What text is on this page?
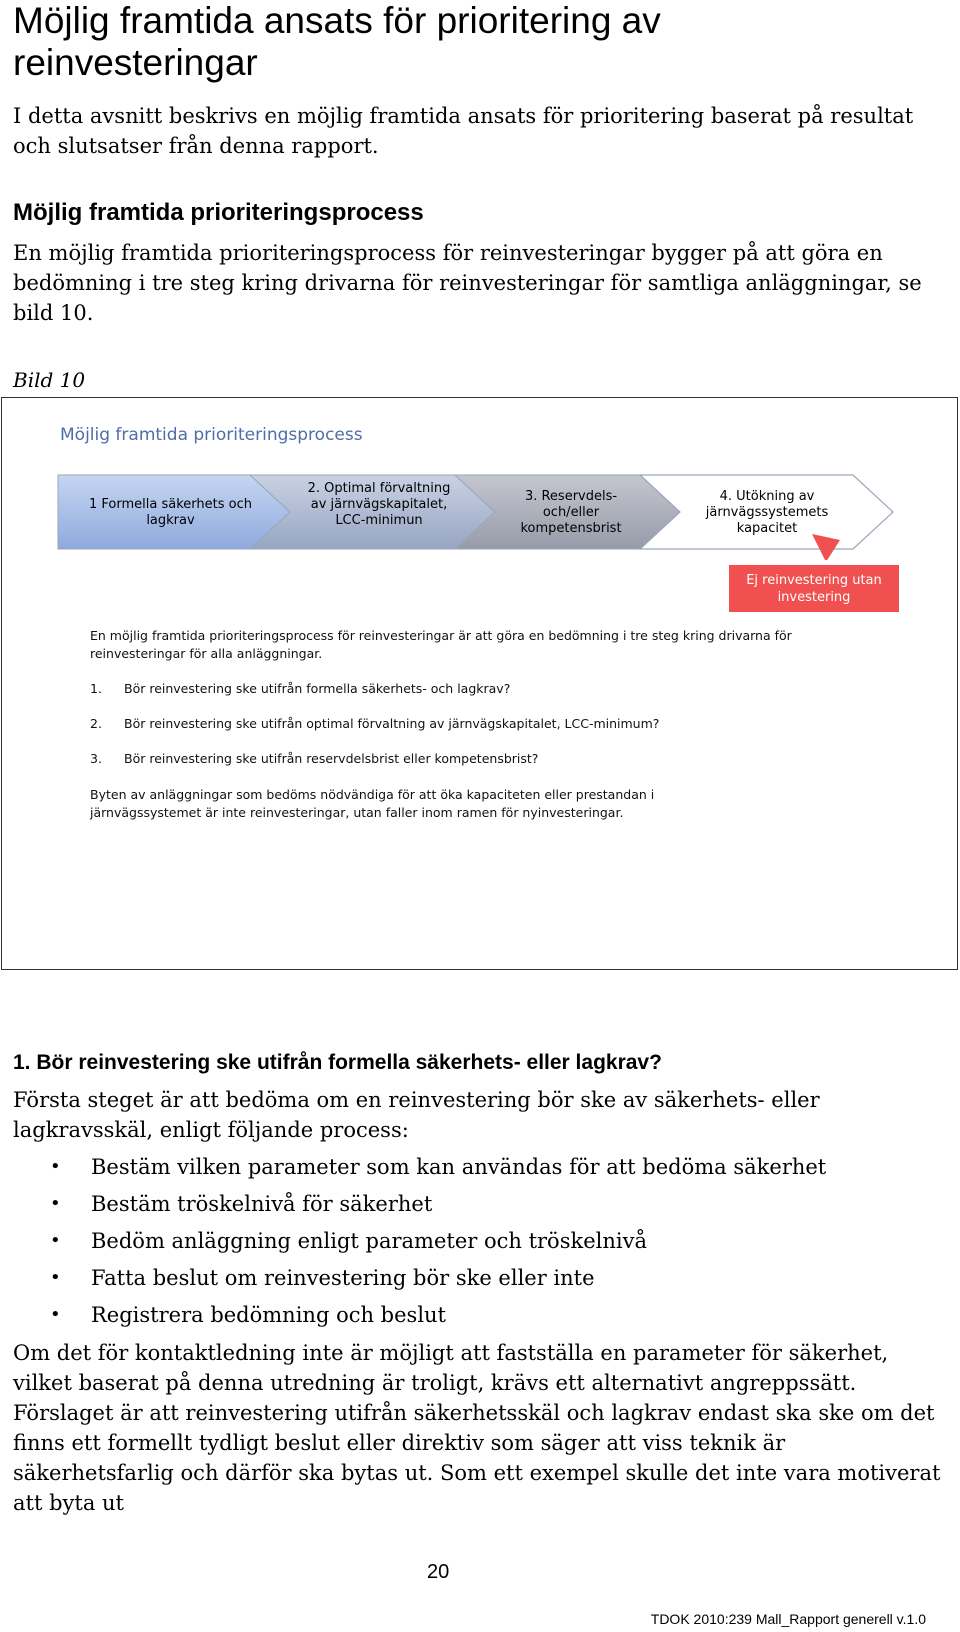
Möjlig framtida ansats för prioritering av reinvesteringar
I detta avsnitt beskrivs en möjlig framtida ansats för prioritering baserat på resultat och slutsatser från denna rapport.
Möjlig framtida prioriteringsprocess
En möjlig framtida prioriteringsprocess för reinvesteringar bygger på att göra en bedömning i tre steg kring drivarna för reinvesteringar för samtliga anläggningar, se bild 10.
Bild 10
Möjlig framtida prioriteringsprocess
1 Formella säkerhets och lagkrav
2. Optimal förvaltning av järnvägskapitalet, LCC-minimun
3. Reservdels-och/eller kompetensbrist
4. Utökning av järnvägssystemets kapacitet
Ej reinvestering utan investering
En möjlig framtida prioriteringsprocess för reinvesteringar är att göra en bedömning i tre steg kring drivarna för reinvesteringar för alla anläggningar.
1. Bör reinvestering ske utifrån formella säkerhets- och lagkrav?
2. Bör reinvestering ske utifrån optimal förvaltning av järnvägskapitalet, LCC-minimum?
3. Bör reinvestering ske utifrån reservdelsbrist eller kompetensbrist?
Byten av anläggningar som bedöms nödvändiga för att öka kapaciteten eller prestandan i järnvägssystemet är inte reinvesteringar, utan faller inom ramen för nyinvesteringar.
1. Bör reinvestering ske utifrån formella säkerhets- eller lagkrav?
Första steget är att bedöma om en reinvestering bör ske av säkerhets- eller lagkravsskäl, enligt följande process:
• Bestäm vilken parameter som kan användas för att bedöma säkerhet
• Bestäm tröskelnivå för säkerhet
• Bedöm anläggning enligt parameter och tröskelnivå
• Fatta beslut om reinvestering bör ske eller inte
• Registrera bedömning och beslut
Om det för kontaktledning inte är möjligt att fastställa en parameter för säkerhet, vilket baserat på denna utredning är troligt, krävs ett alternativt angreppssätt. Förslaget är att reinvestering utifrån säkerhetsskäl och lagkrav endast ska ske om det finns ett formellt tydligt beslut eller direktiv som säger att viss teknik är säkerhetsfarlig och därför ska bytas ut. Som ett exempel skulle det inte vara motiverat att byta ut
20
TDOK 2010:239 Mall_Rapport generell v.1.0
